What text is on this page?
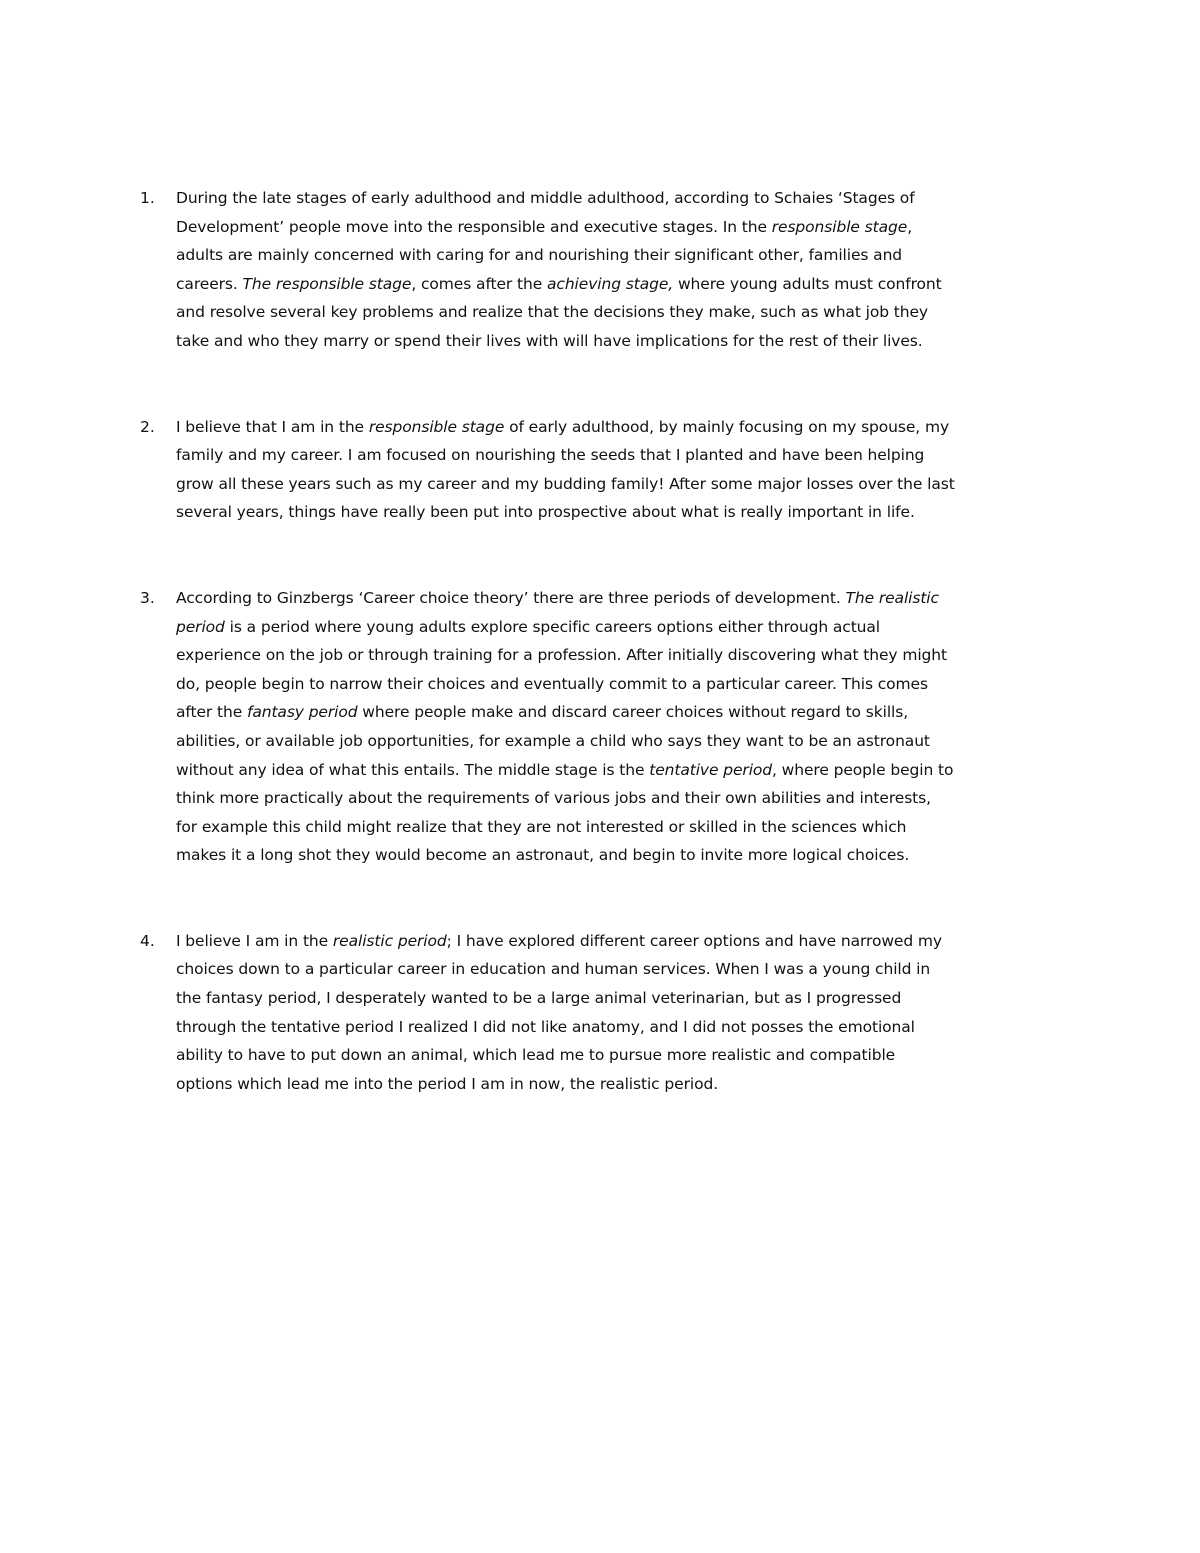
1.	During the late stages of early adulthood and middle adulthood, according to Schaies ‘Stages of
Development’ people move into the responsible and executive stages. In the responsible stage,
adults are mainly concerned with caring for and nourishing their significant other, families and
careers. The responsible stage, comes after the achieving stage, where young adults must confront
and resolve several key problems and realize that the decisions they make, such as what job they
take and who they marry or spend their lives with will have implications for the rest of their lives.
2.	I believe that I am in the responsible stage of early adulthood, by mainly focusing on my spouse, my
family and my career. I am focused on nourishing the seeds that I planted and have been helping
grow all these years such as my career and my budding family! After some major losses over the last
several years, things have really been put into prospective about what is really important in life.
3.	According to Ginzbergs ‘Career choice theory’ there are three periods of development. The realistic
period is a period where young adults explore specific careers options either through actual
experience on the job or through training for a profession. After initially discovering what they might
do, people begin to narrow their choices and eventually commit to a particular career. This comes
after the fantasy period where people make and discard career choices without regard to skills,
abilities, or available job opportunities, for example a child who says they want to be an astronaut
without any idea of what this entails. The middle stage is the tentative period, where people begin to
think more practically about the requirements of various jobs and their own abilities and interests,
for example this child might realize that they are not interested or skilled in the sciences which
makes it a long shot they would become an astronaut, and begin to invite more logical choices.
4.	I believe I am in the realistic period; I have explored different career options and have narrowed my
choices down to a particular career in education and human services. When I was a young child in
the fantasy period, I desperately wanted to be a large animal veterinarian, but as I progressed
through the tentative period I realized I did not like anatomy, and I did not posses the emotional
ability to have to put down an animal, which lead me to pursue more realistic and compatible
options which lead me into the period I am in now, the realistic period.
